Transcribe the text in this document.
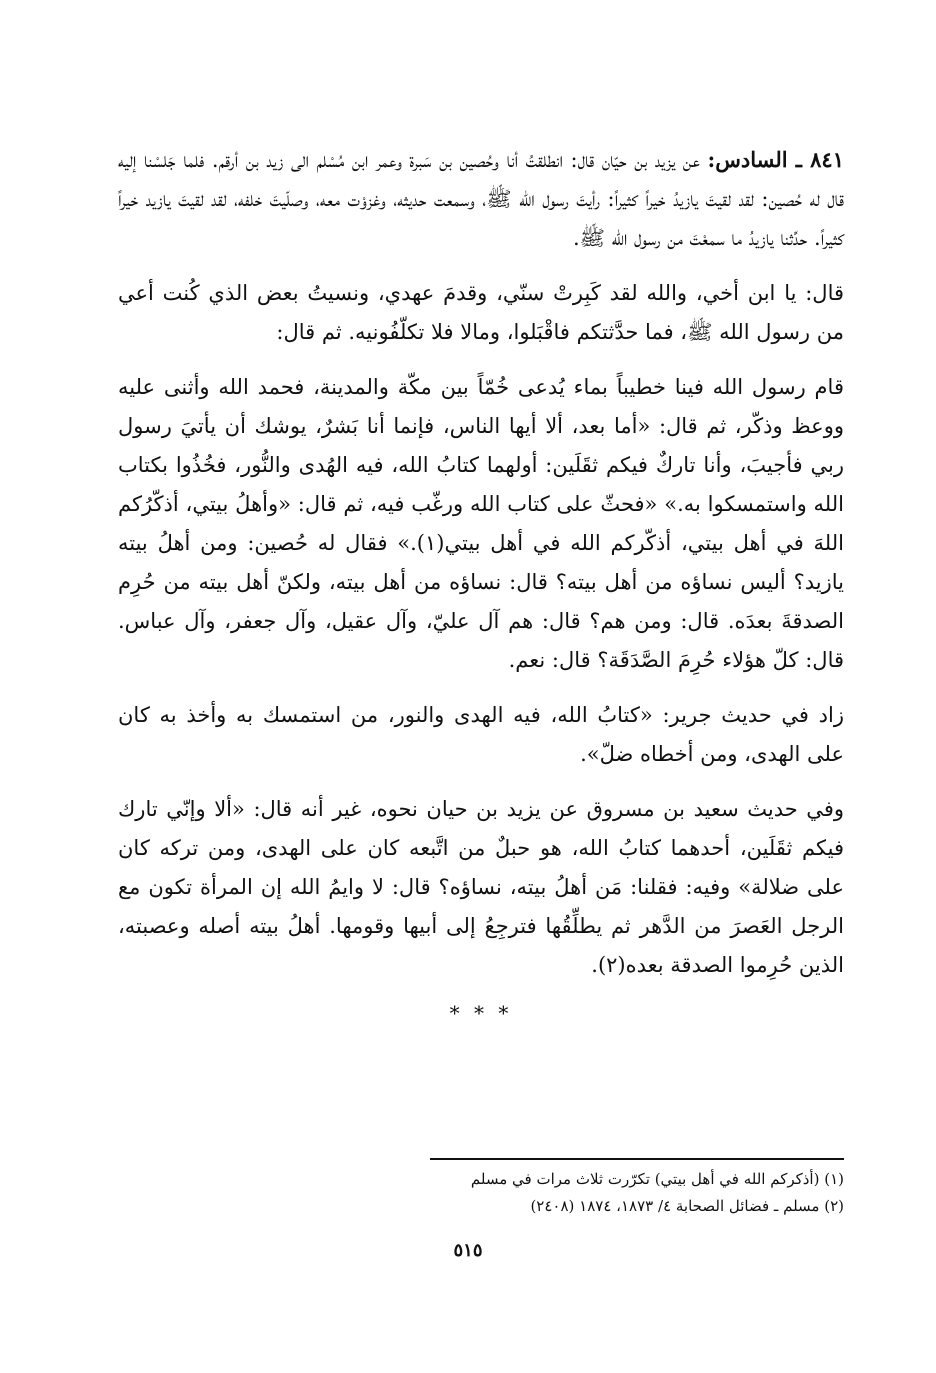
٨٤١ ـ السادس: عن يزيد بن حيّان قال: انطلقتُ أنا وحُصين بن سَبرة وعمر ابن مُسْلم الى زيد بن أرقم. فلما جَلسْنا إليه قال له حُصين: لقد لقيتَ يازيدُ خيراً كثيراً: رأيتَ رسول الله ﷺ، وسمعت حديثه، وغزوْت معه، وصلّيتَ خلفه، لقد لقيتَ يازيد خيراً كثيراً. حدِّثنا يازيدُ ما سمعْتَ من رسول الله ﷺ.

قال: يا ابن أخي، والله لقد كَبِرتْ سنّي، وقدمَ عهدي، ونسيتُ بعض الذي كُنت أعي من رسول الله ﷺ، فما حدَّثتكم فاقْبَلوا، ومالا فلا تكلّفُونيه. ثم قال:

قام رسول الله فينا خطيباً بماء يُدعى خُمّاً بين مكّة والمدينة، فحمد الله وأثنى عليه ووعظ وذكّر، ثم قال: «أما بعد، ألا أيها الناس، فإنما أنا بَشرٌ، يوشك أن يأتيَ رسول ربي فأجيبَ، وأنا تاركٌ فيكم ثقَلَين: أولهما كتابُ الله، فيه الهُدى والنُّور، فخُذُوا بكتاب الله واستمسكوا به.» «فحثّ على كتاب الله ورغّب فيه، ثم قال: «وأهلُ بيتي، أذكّرُكم اللهَ في أهل بيتي، أذكّركم الله في أهل بيتي(١).» فقال له حُصين: ومن أهلُ بيته يازيد؟ أليس نساؤه من أهل بيته؟ قال: نساؤه من أهل بيته، ولكنّ أهل بيته من حُرِم الصدقةَ بعدَه. قال: ومن هم؟ قال: هم آل عليّ، وآل عقيل، وآل جعفر، وآل عباس. قال: كلّ هؤلاء حُرِمَ الصَّدَقَة؟ قال: نعم.

زاد في حديث جرير: «كتابُ الله، فيه الهدى والنور، من استمسك به وأخذ به كان على الهدى، ومن أخطاه ضلّ».

وفي حديث سعيد بن مسروق عن يزيد بن حيان نحوه، غير أنه قال: «ألا وإنّي تارك فيكم ثقَلَين، أحدهما كتابُ الله، هو حبلٌ من اتَّبعه كان على الهدى، ومن تركه كان على ضلالة» وفيه: فقلنا: مَن أهلُ بيته، نساؤه؟ قال: لا وايمُ الله إن المرأة تكون مع الرجل العَصرَ من الدَّهر ثم يطلِّقُها فترجِعُ إلى أبيها وقومها. أهلُ بيته أصله وعصبته، الذين حُرِموا الصدقة بعده(٢).

* * *
(١) (أذكركم الله في أهل بيتي) تكرّرت ثلاث مرات في مسلم
(٢) مسلم ـ فضائل الصحابة ٤/ ١٨٧٣، ١٨٧٤ (٢٤٠٨)
٥١٥
